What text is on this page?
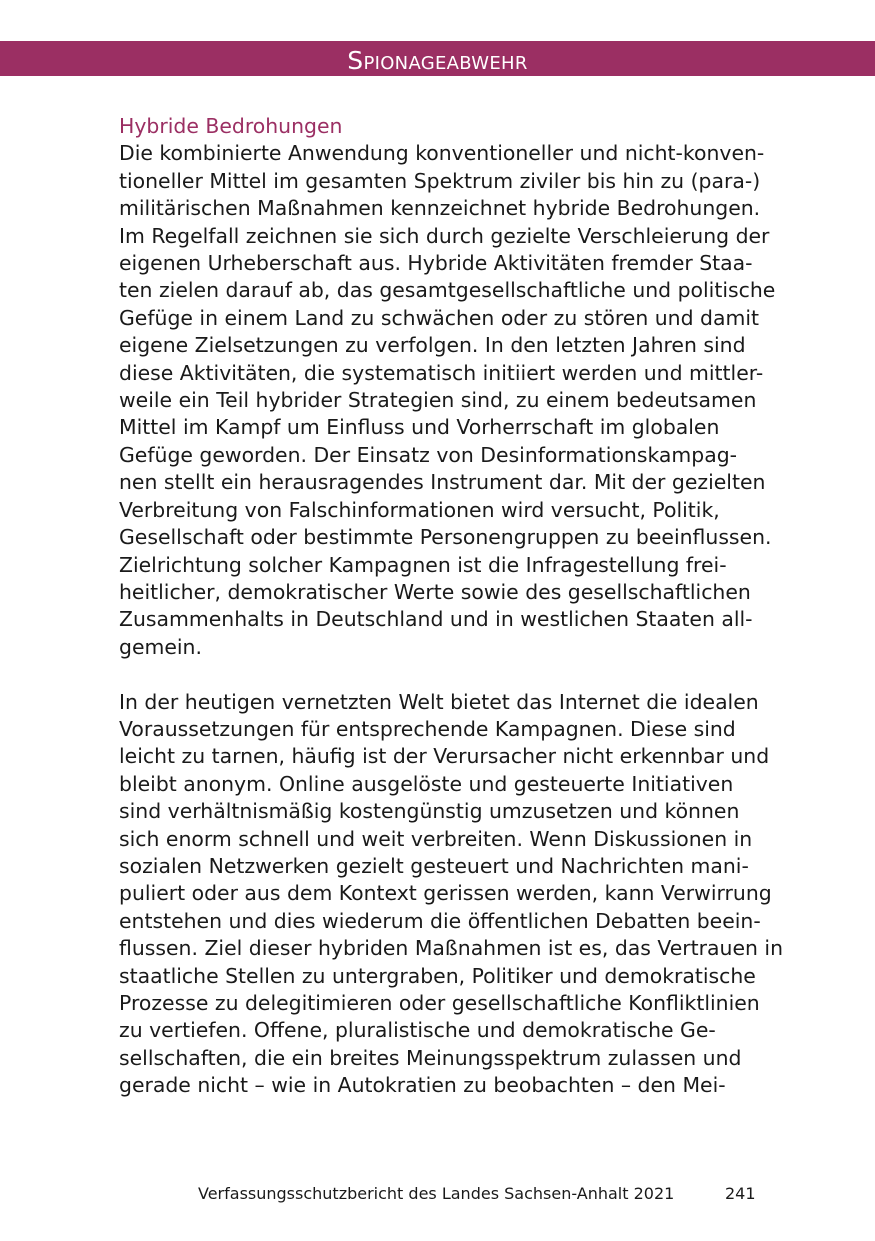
Spionageabwehr
Hybride Bedrohungen
Die kombinierte Anwendung konventioneller und nicht-konven-
tioneller Mittel im gesamten Spektrum ziviler bis hin zu (para-)
militärischen Maßnahmen kennzeichnet hybride Bedrohungen.
Im Regelfall zeichnen sie sich durch gezielte Verschleierung der
eigenen Urheberschaft aus. Hybride Aktivitäten fremder Staa-
ten zielen darauf ab, das gesamtgesellschaftliche und politische
Gefüge in einem Land zu schwächen oder zu stören und damit
eigene Zielsetzungen zu verfolgen. In den letzten Jahren sind
diese Aktivitäten, die systematisch initiiert werden und mittler-
weile ein Teil hybrider Strategien sind, zu einem bedeutsamen
Mittel im Kampf um Einfluss und Vorherrschaft im globalen
Gefüge geworden. Der Einsatz von Desinformationskampag-
nen stellt ein herausragendes Instrument dar. Mit der gezielten
Verbreitung von Falschinformationen wird versucht, Politik,
Gesellschaft oder bestimmte Personengruppen zu beeinflussen.
Zielrichtung solcher Kampagnen ist die Infragestellung frei-
heitlicher, demokratischer Werte sowie des gesellschaftlichen
Zusammenhalts in Deutschland und in westlichen Staaten all-
gemein.
In der heutigen vernetzten Welt bietet das Internet die idealen
Voraussetzungen für entsprechende Kampagnen. Diese sind
leicht zu tarnen, häufig ist der Verursacher nicht erkennbar und
bleibt anonym. Online ausgelöste und gesteuerte Initiativen
sind verhältnismäßig kostengünstig umzusetzen und können
sich enorm schnell und weit verbreiten. Wenn Diskussionen in
sozialen Netzwerken gezielt gesteuert und Nachrichten mani-
puliert oder aus dem Kontext gerissen werden, kann Verwirrung
entstehen und dies wiederum die öffentlichen Debatten beein-
flussen. Ziel dieser hybriden Maßnahmen ist es, das Vertrauen in
staatliche Stellen zu untergraben, Politiker und demokratische
Prozesse zu delegitimieren oder gesellschaftliche Konfliktlinien
zu vertiefen. Offene, pluralistische und demokratische Ge-
sellschaften, die ein breites Meinungsspektrum zulassen und
gerade nicht – wie in Autokratien zu beobachten – den Mei-
Verfassungsschutzbericht des Landes Sachsen-Anhalt 2021	241
